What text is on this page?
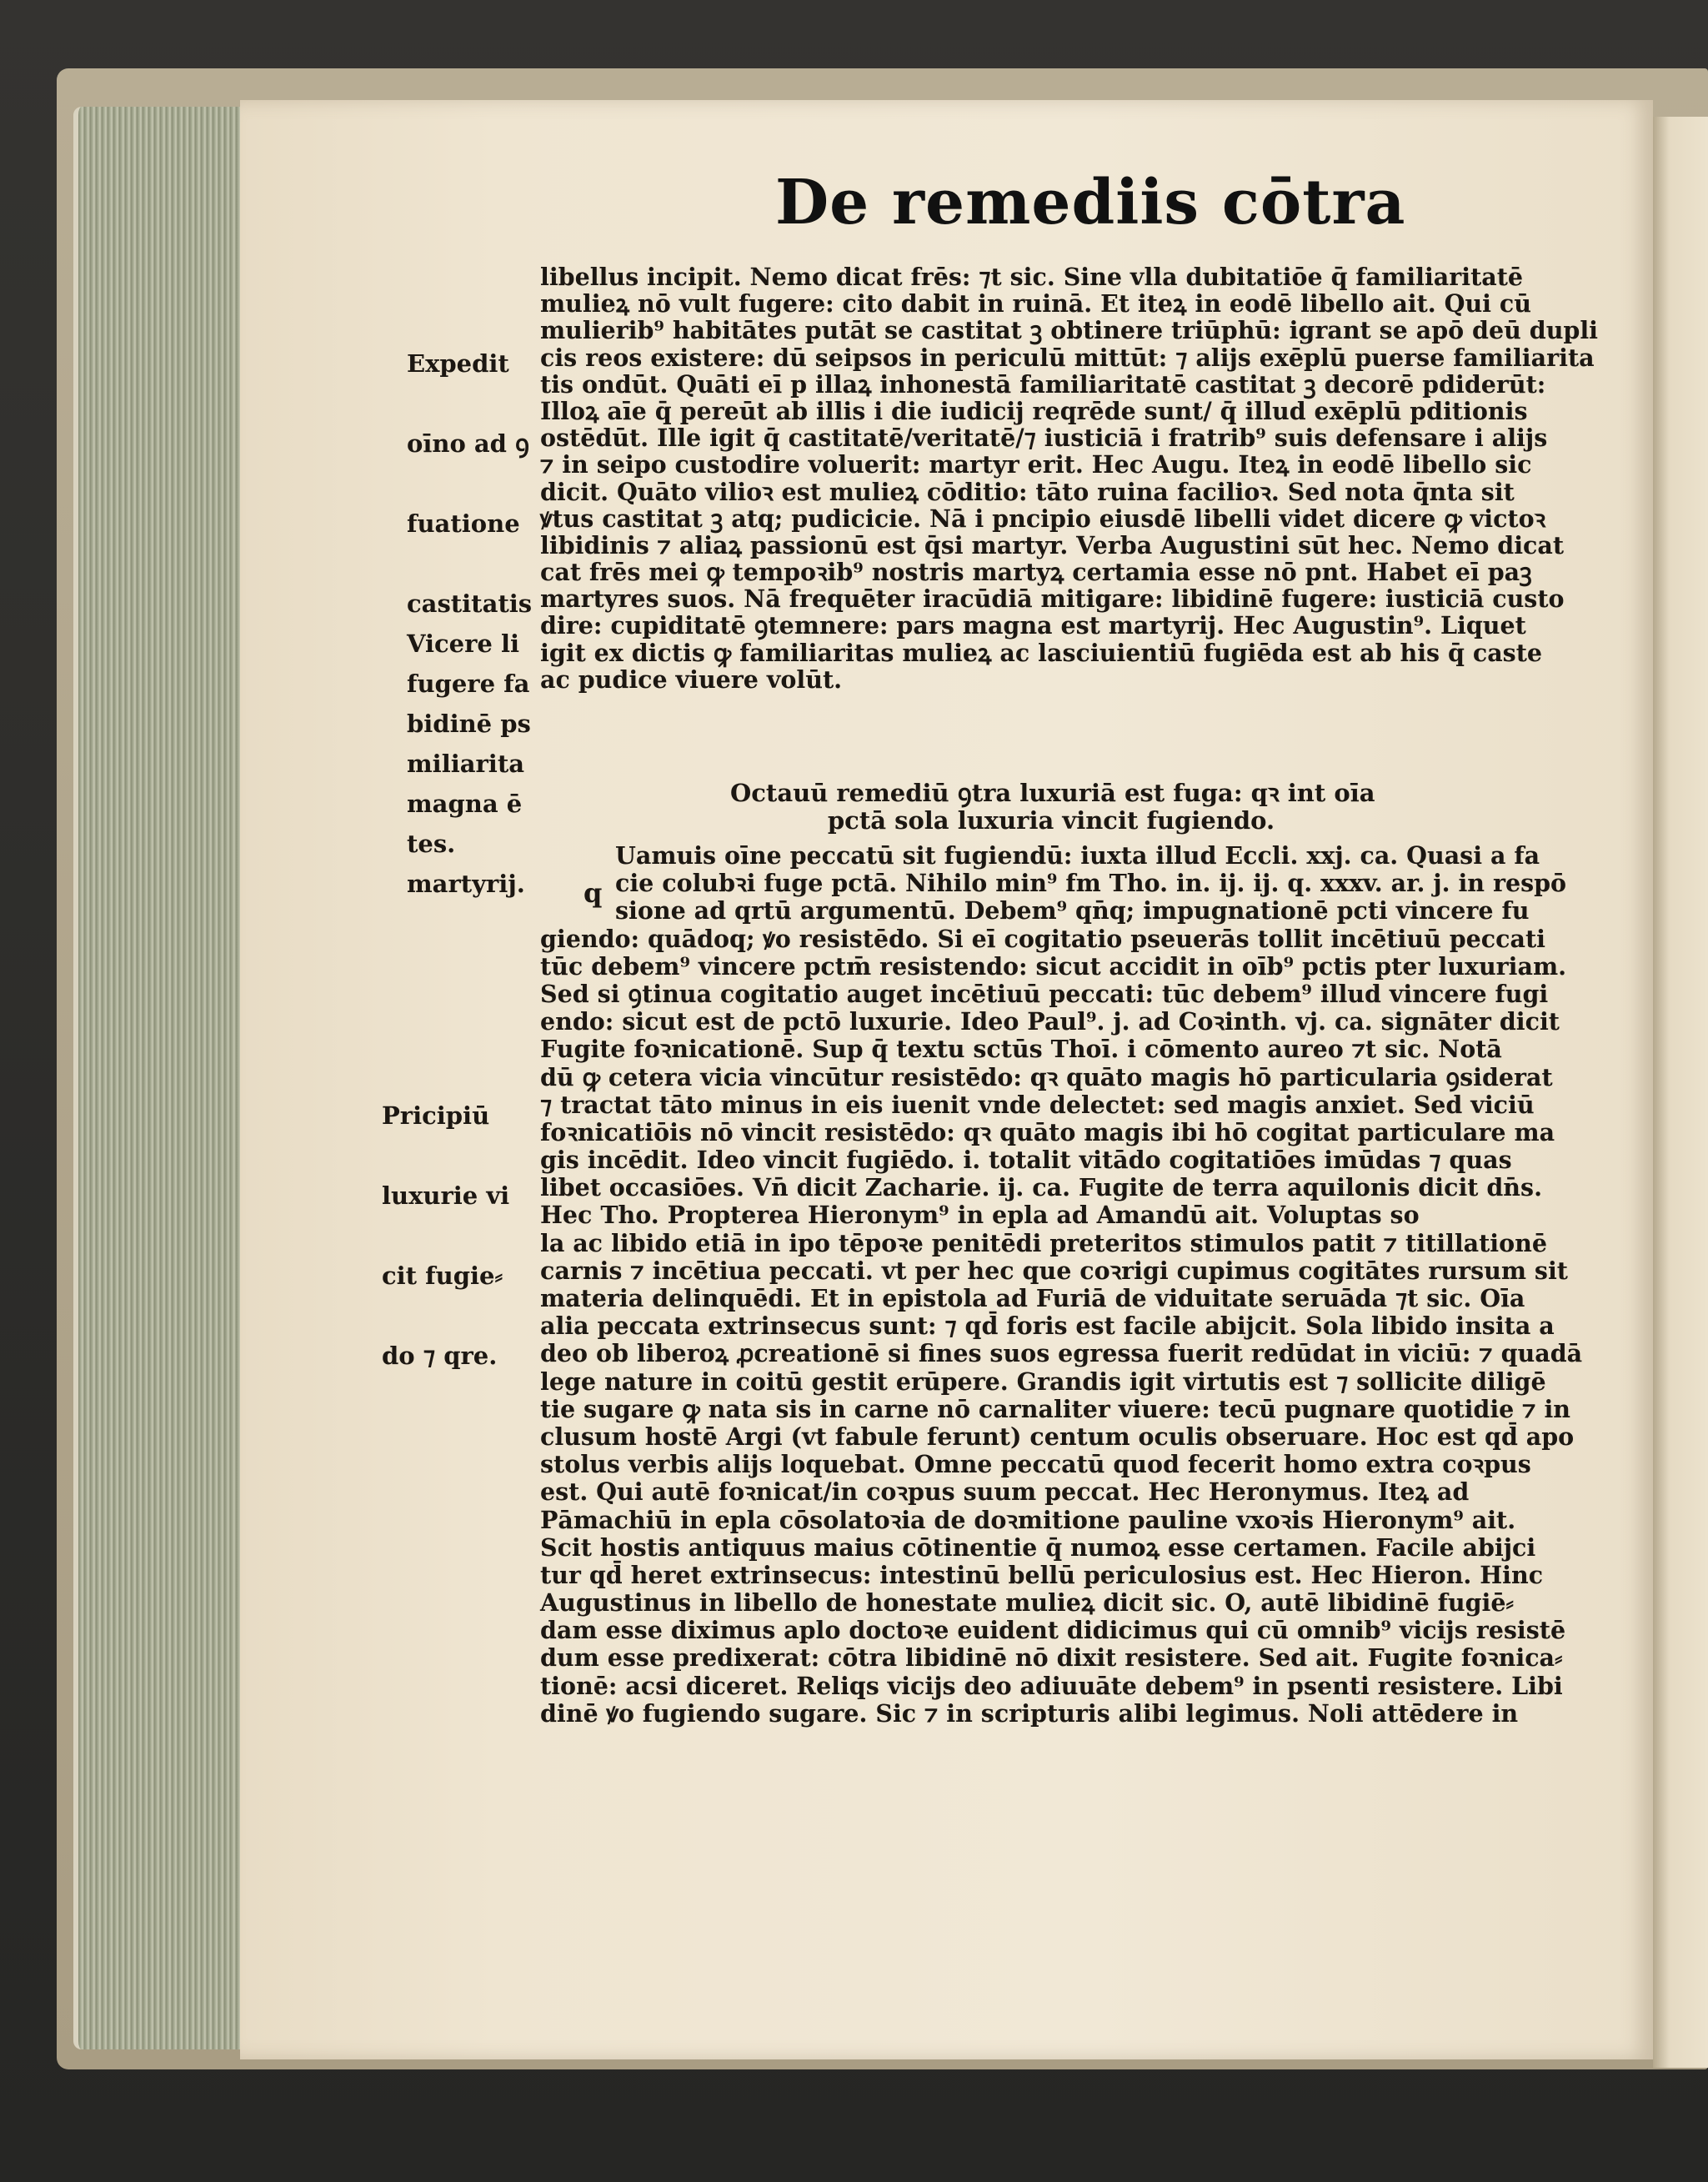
De remediis cōtra

Expedit

oīno ad ꝯ

fuatione

castitatis

fugere fa

miliarita

tes.

Vicere li

bidinē ps

magna ē

martyrij.

Pricipiū

luxurie vi

cit fugie⸗

do ⁊ qre.

libellus incipit. Nemo dicat frēs: ⁊t sic. Sine vlla dubitatiōe q̄ familiaritatē
mulieꝝ nō vult fugere: cito dabit in ruinā. Et iteꝝ in eodē libello ait. Qui cū
mulierib⁹ habitātes putāt se castitat ꝫ obtinere triūphū: igrant se apō deū dupli
cis reos existere: dū seipsos in periculū mittūt: ⁊ alijs exēplū puerse familiarita
tis ondūt. Quāti eī p illaꝝ inhonestā familiaritatē castitat ꝫ decorē pdiderūt:
Illoꝝ aīe q̄ pereūt ab illis i die iudicij reqrēde sunt/ q̄ illud exēplū pditionis
ostēdūt. Ille igit q̄ castitatē/veritatē/⁊ iusticiā i fratrib⁹ suis defensare i alijs
⁊ in seipo custodire voluerit: martyr erit. Hec Augu. Iteꝝ in eodē libello sic
dicit. Quāto vilioꝛ est mulieꝝ cōditio: tāto ruina facilioꝛ. Sed nota q̄nta sit
ꝟtus castitat ꝫ atq; pudicicie. Nā i pncipio eiusdē libelli videt dicere ꝙ victoꝛ
libidinis ⁊ aliaꝝ passionū est q̄si martyr. Verba Augustini sūt hec. Nemo dicat
cat frēs mei ꝙ tempoꝛib⁹ nostris martyꝝ certamia esse nō pnt. Habet eī paꝫ
martyres suos. Nā frequēter iracūdiā mitigare: libidinē fugere: iusticiā custo
dire: cupiditatē ꝯtemnere: pars magna est martyrij. Hec Augustin⁹. Liquet
igit ex dictis ꝙ familiaritas mulieꝝ ac lasciuientiū fugiēda est ab his q̄ caste
ac pudice viuere volūt.
Octauū remediū ꝯtra luxuriā est fuga: qꝛ int oīa
pctā sola luxuria vincit fugiendo.
q
Uamuis oīne peccatū sit fugiendū: iuxta illud Eccli. xxj. ca. Quasi a fa
cie colubꝛi fuge pctā. Nihilo min⁹ fm Tho. in. ij. ij. q. xxxv. ar. j. in respō
sione ad qrtū argumentū. Debem⁹ qn̄q; impugnationē pcti vincere fu
giendo: quādoq; ꝟo resistēdo. Si eī cogitatio pseuerās tollit incētiuū peccati
tūc debem⁹ vincere pctm̄ resistendo: sicut accidit in oīb⁹ pctis pter luxuriam.
Sed si ꝯtinua cogitatio auget incētiuū peccati: tūc debem⁹ illud vincere fugi
endo: sicut est de pctō luxurie. Ideo Paul⁹. j. ad Coꝛinth. vj. ca. signāter dicit
Fugite foꝛnicationē. Sup q̄ textu sctūs Thoī. i cōmento aureo ⁊t sic. Notā
dū ꝙ cetera vicia vincūtur resistēdo: qꝛ quāto magis hō particularia ꝯsiderat
⁊ tractat tāto minus in eis iuenit vnde delectet: sed magis anxiet. Sed viciū
foꝛnicatiōis nō vincit resistēdo: qꝛ quāto magis ibi hō cogitat particulare ma
gis incēdit. Ideo vincit fugiēdo. i. totalit vitādo cogitatiōes imūdas ⁊ quas
libet occasiōes. Vn̄ dicit Zacharie. ij. ca. Fugite de terra aquilonis dicit dn̄s.
Hec Tho. Propterea Hieronym⁹ in epla ad Amandū ait. Voluptas so
la ac libido etiā in ipo tēpoꝛe penitēdi preteritos stimulos patit ⁊ titillationē
carnis ⁊ incētiua peccati. vt per hec que coꝛrigi cupimus cogitātes rursum sit
materia delinquēdi. Et in epistola ad Furiā de viduitate seruāda ⁊t sic. Oīa
alia peccata extrinsecus sunt: ⁊ qd̄ foris est facile abijcit. Sola libido insita a
deo ob liberoꝝ ꝓcreationē si fines suos egressa fuerit redūdat in viciū: ⁊ quadā
lege nature in coitū gestit erūpere. Grandis igit virtutis est ⁊ sollicite diligē
tie sugare ꝙ nata sis in carne nō carnaliter viuere: tecū pugnare quotidie ⁊ in
clusum hostē Argi (vt fabule ferunt) centum oculis obseruare. Hoc est qd̄ apo
stolus verbis alijs loquebat. Omne peccatū quod fecerit homo extra coꝛpus
est. Qui autē foꝛnicat/in coꝛpus suum peccat. Hec Heronymus. Iteꝝ ad
Pāmachiū in epla cōsolatoꝛia de doꝛmitione pauline vxoꝛis Hieronym⁹ ait.
Scit hostis antiquus maius cōtinentie q̄ numoꝝ esse certamen. Facile abijci
tur qd̄ heret extrinsecus: intestinū bellū periculosius est. Hec Hieron. Hinc
Augustinus in libello de honestate mulieꝝ dicit sic. O, autē libidinē fugiē⸗
dam esse diximus aplo doctoꝛe euident didicimus qui cū omnib⁹ vicijs resistē
dum esse predixerat: cōtra libidinē nō dixit resistere. Sed ait. Fugite foꝛnica⸗
tionē: acsi diceret. Reliqs vicijs deo adiuuāte debem⁹ in psenti resistere. Libi
dinē ꝟo fugiendo sugare. Sic ⁊ in scripturis alibi legimus. Noli attēdere in
